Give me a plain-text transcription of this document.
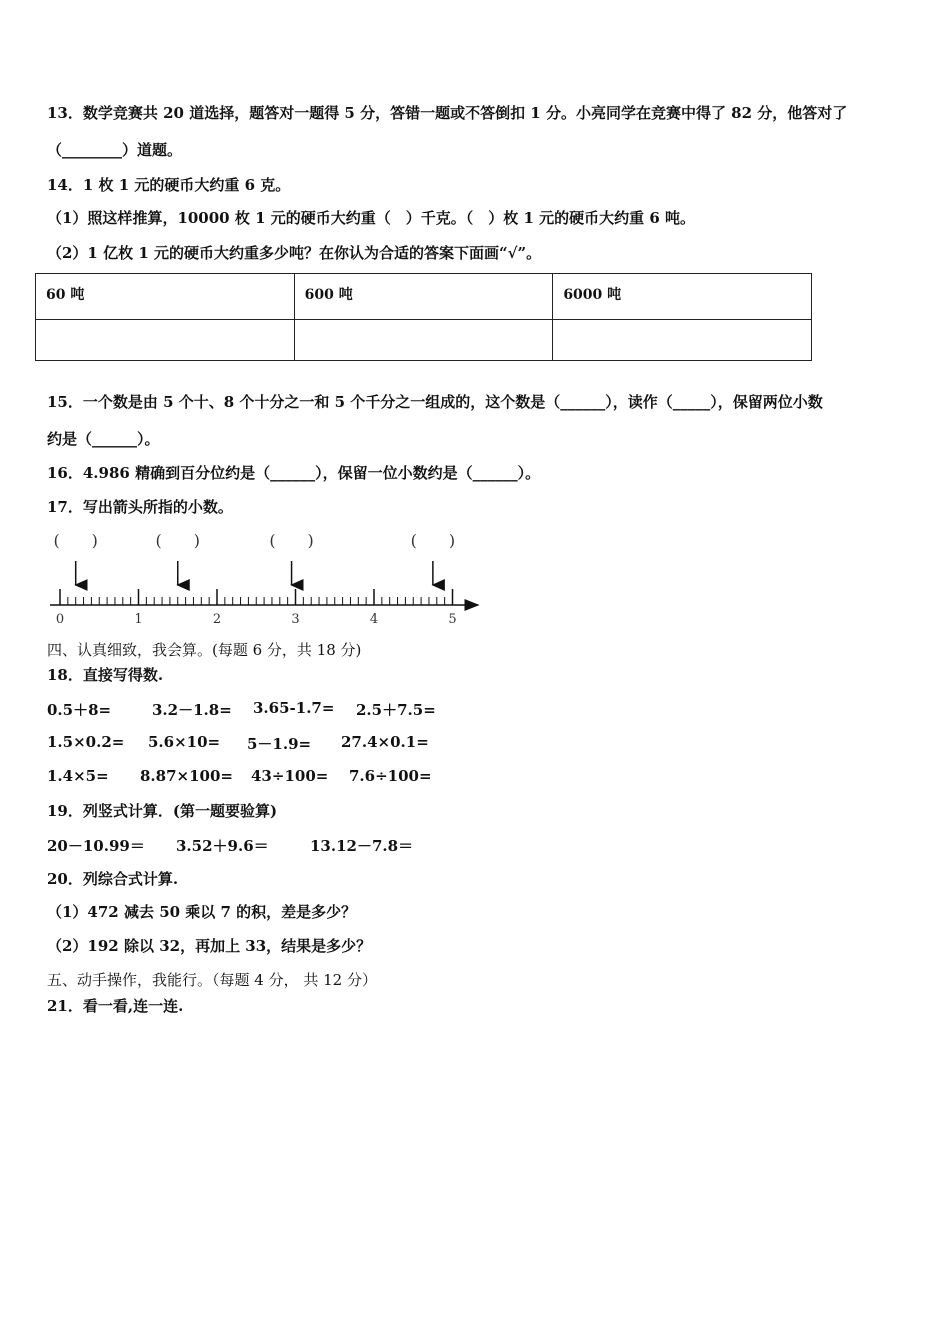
13．数学竞赛共 20 道选择，题答对一题得 5 分，答错一题或不答倒扣 1 分。小亮同学在竞赛中得了 82 分，他答对了
（________）道题。
14．1 枚 1 元的硬币大约重 6 克。
（1）照这样推算，10000 枚 1 元的硬币大约重（　）千克。（　）枚 1 元的硬币大约重 6 吨。
（2）1 亿枚 1 元的硬币大约重多少吨？在你认为合适的答案下面画“√”。
60 吨	600 吨	6000 吨

15．一个数是由 5 个十、8 个十分之一和 5 个千分之一组成的，这个数是（______），读作（_____），保留两位小数
约是（______）。
16．4.986 精确到百分位约是（______），保留一位小数约是（______）。
17．写出箭头所指的小数。
0	1	2	3	4	5
(　　)	(　　)	(　　)	(　　)
四、认真细致，我会算。(每题 6 分，共 18 分)
18．直接写得数.
0.5＋8=	3.2－1.8= 3.65-1.7= 2.5＋7.5=
1.5×0.2= 5.6×10= 5－1.9= 27.4×0.1=
1.4×5= 8.87×100= 43÷100= 7.6÷100=
19．列竖式计算．(第一题要验算)
20－10.99＝ 3.52＋9.6＝	13.12－7.8＝
20．列综合式计算.
（1）472 减去 50 乘以 7 的积，差是多少？
（2）192 除以 32，再加上 33，结果是多少？
五、动手操作，我能行。（每题 4 分， 共 12 分）
21．看一看,连一连.
